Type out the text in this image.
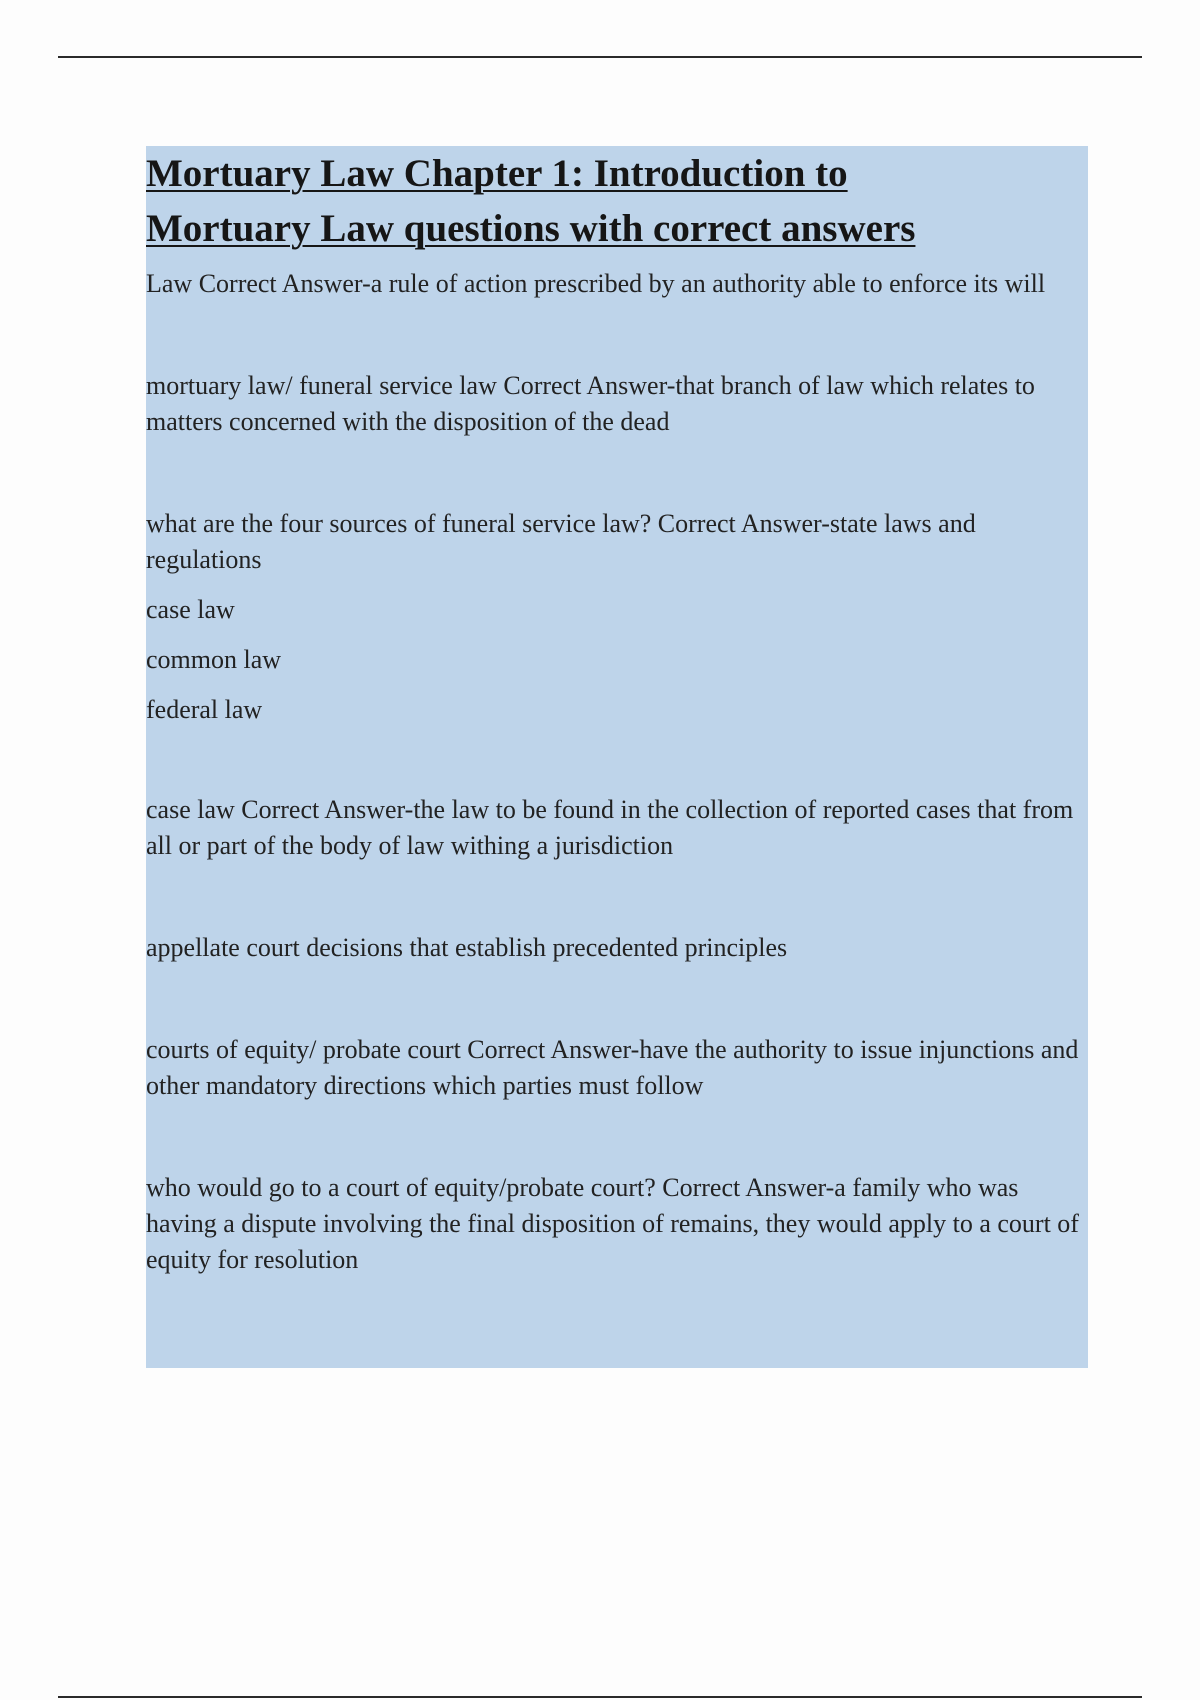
Mortuary Law Chapter 1: Introduction to
Mortuary Law questions with correct answers

Law Correct Answer-a rule of action prescribed by an authority able to enforce its will

mortuary law/ funeral service law Correct Answer-that branch of law which relates to matters concerned with the disposition of the dead

what are the four sources of funeral service law? Correct Answer-state laws and regulations

case law

common law

federal law

case law Correct Answer-the law to be found in the collection of reported cases that from all or part of the body of law withing a jurisdiction

appellate court decisions that establish precedented principles

courts of equity/ probate court Correct Answer-have the authority to issue injunctions and other mandatory directions which parties must follow

who would go to a court of equity/probate court? Correct Answer-a family who was having a dispute involving the final disposition of remains, they would apply to a court of equity for resolution
